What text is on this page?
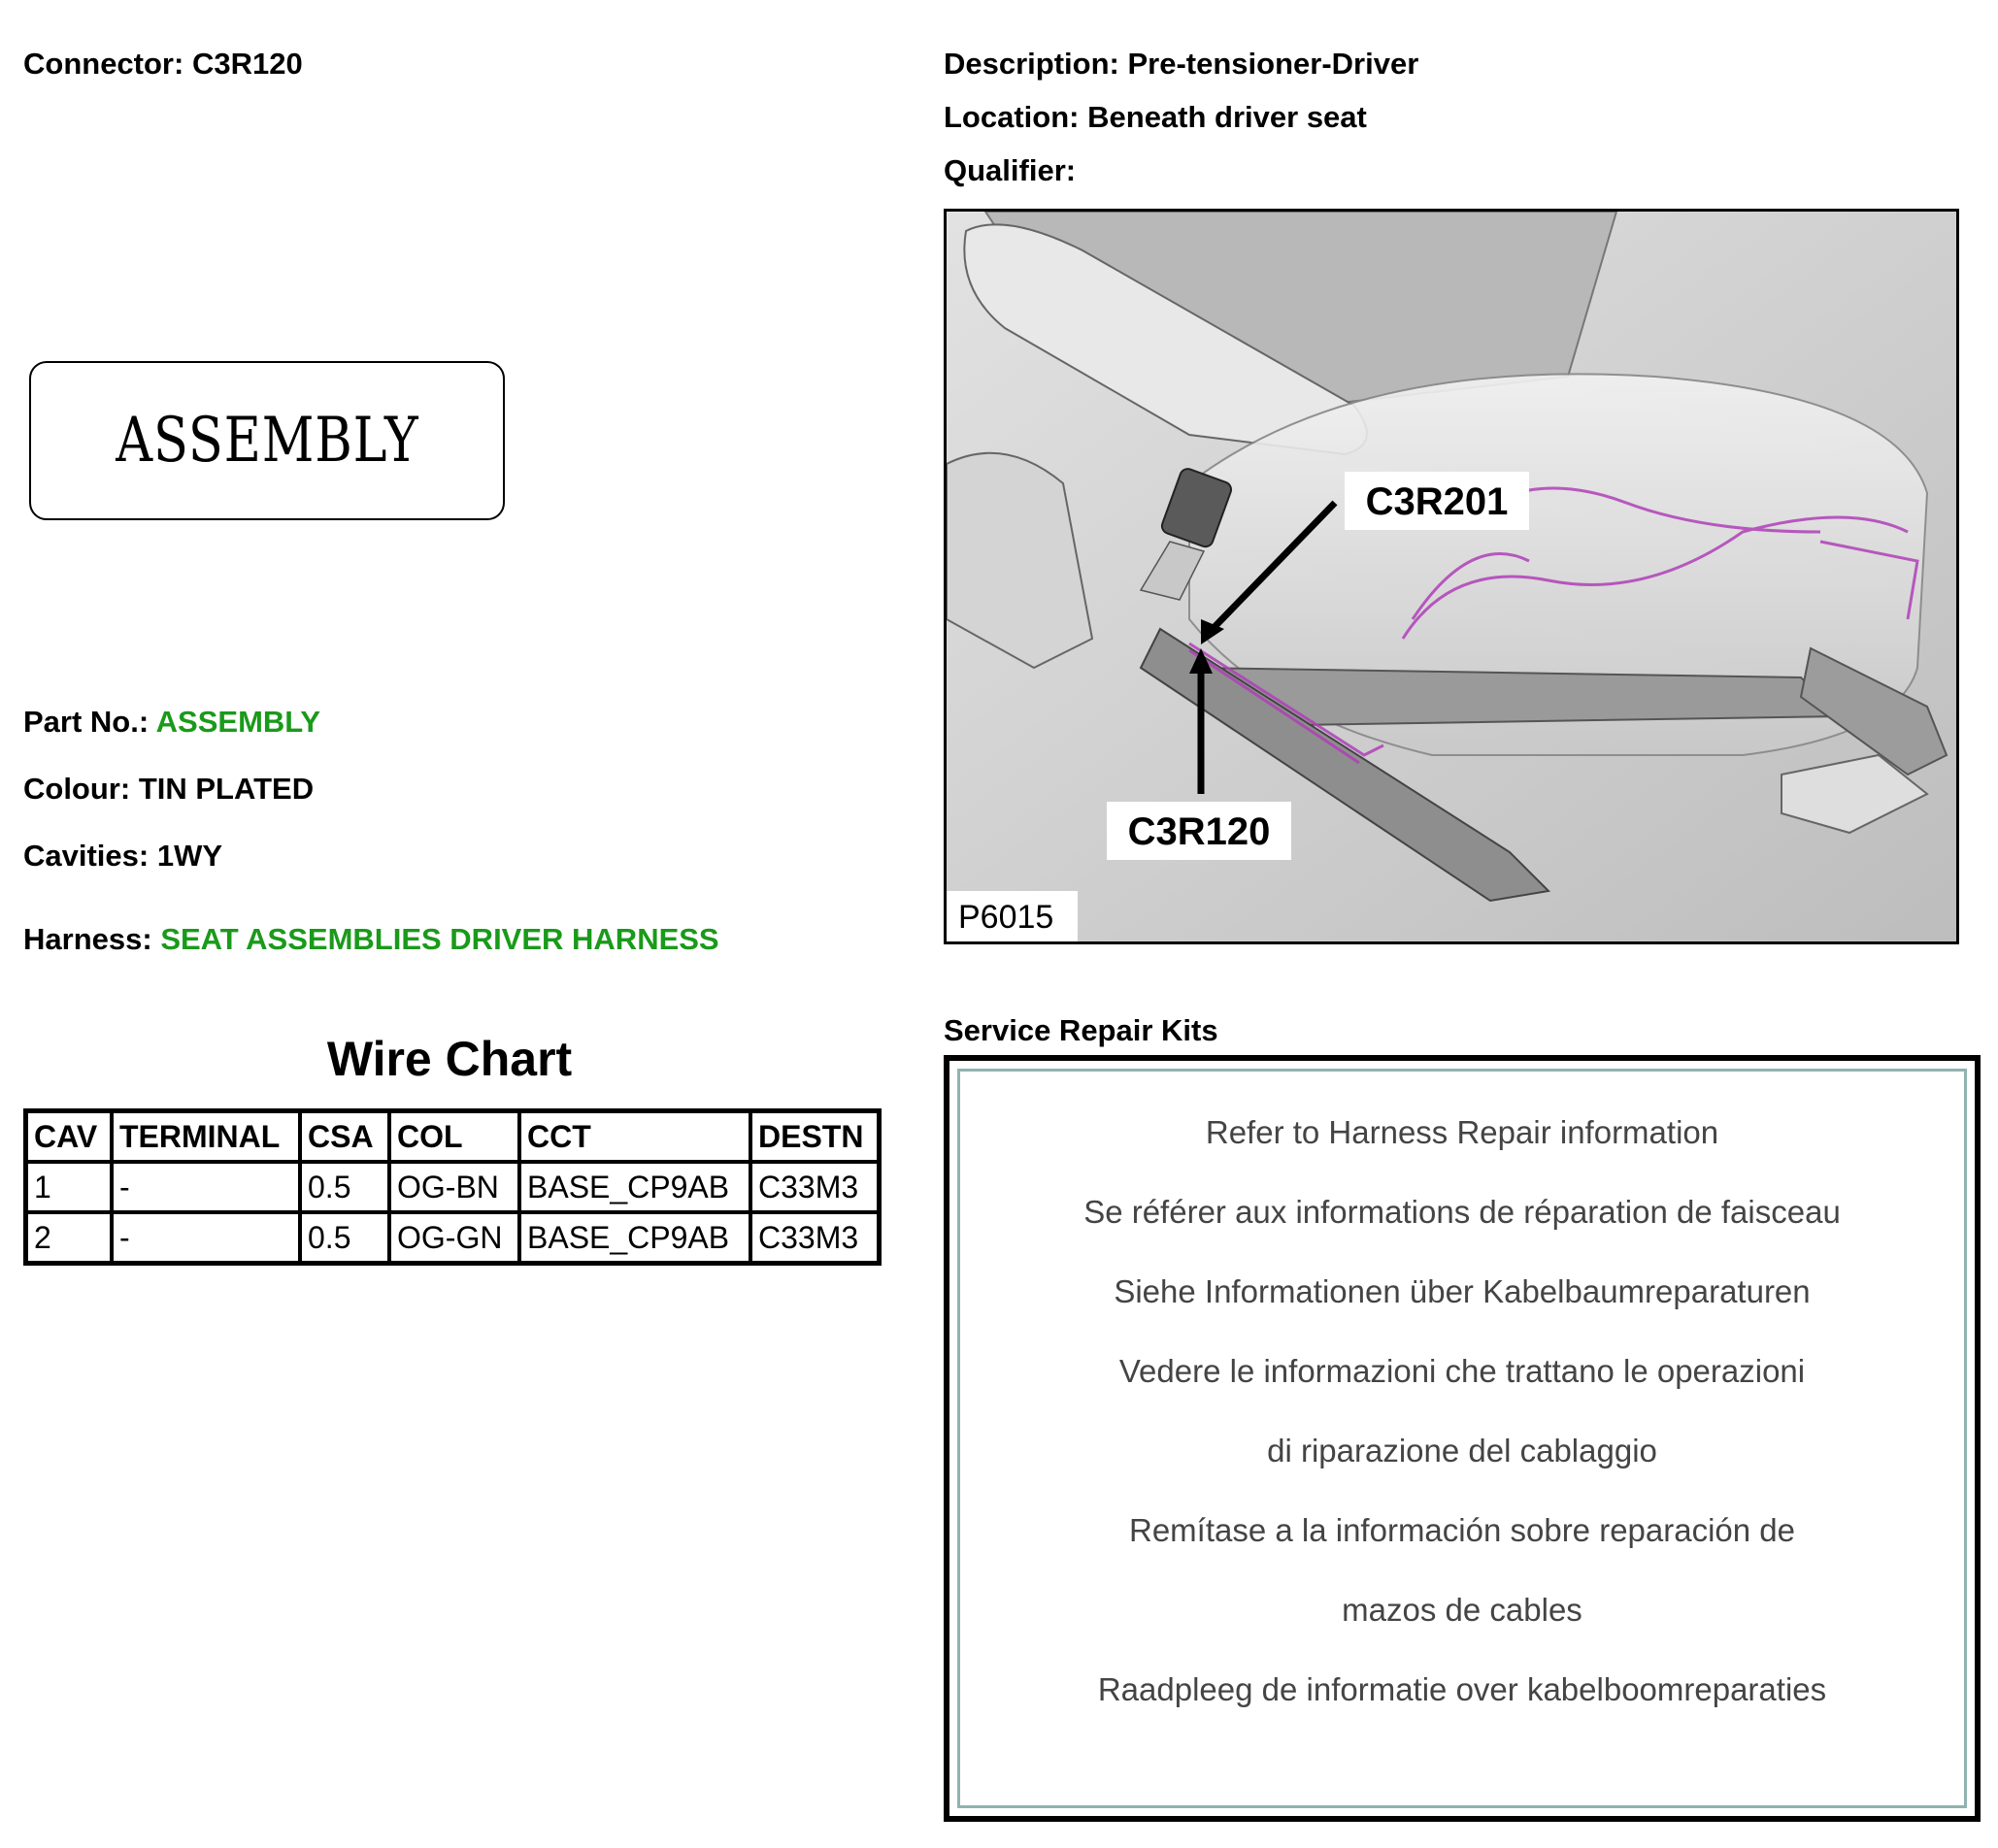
Connector: C3R120	Description: Pre-tensioner-Driver
Location: Beneath driver seat
Qualifier:
ASSEMBLY
Part No.: ASSEMBLY
Colour: TIN PLATED
Cavities: 1WY
Harness: SEAT ASSEMBLIES DRIVER HARNESS
Wire Chart
CAV	TERMINAL	CSA	COL	CCT	DESTN
1	-	0.5	OG-BN	BASE_CP9AB	C33M3
2	-	0.5	OG-GN	BASE_CP9AB	C33M3
C3R201
C3R120
P6015
Service Repair Kits
Refer to Harness Repair information
Se référer aux informations de réparation de faisceau
Siehe Informationen über Kabelbaumreparaturen
Vedere le informazioni che trattano le operazioni
di riparazione del cablaggio
Remítase a la información sobre reparación de
mazos de cables
Raadpleeg de informatie over kabelboomreparaties
